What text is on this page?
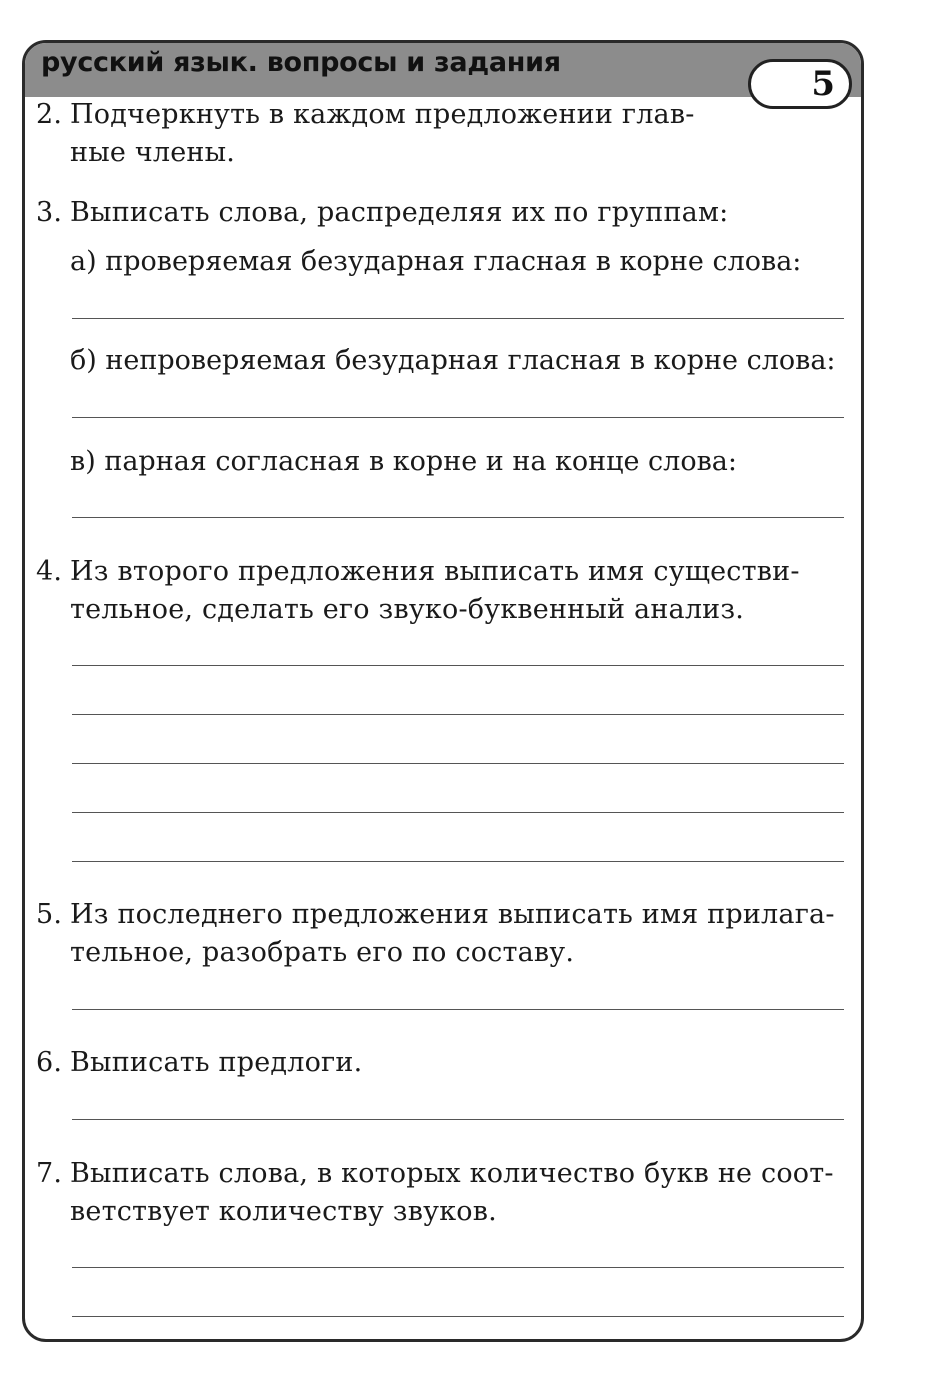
русский язык. вопросы и задания
5
2. Подчеркнуть в каждом предложении глав-
ные члены.
3. Выписать слова, распределяя их по группам:
а) проверяемая безударная гласная в корне слова:
б) непроверяемая безударная гласная в корне слова:
в) парная согласная в корне и на конце слова:
4. Из второго предложения выписать имя существи-
тельное, сделать его звуко-буквенный анализ.
5. Из последнего предложения выписать имя прилага-
тельное, разобрать его по составу.
6. Выписать предлоги.
7. Выписать слова, в которых количество букв не соот-
ветствует количеству звуков.
